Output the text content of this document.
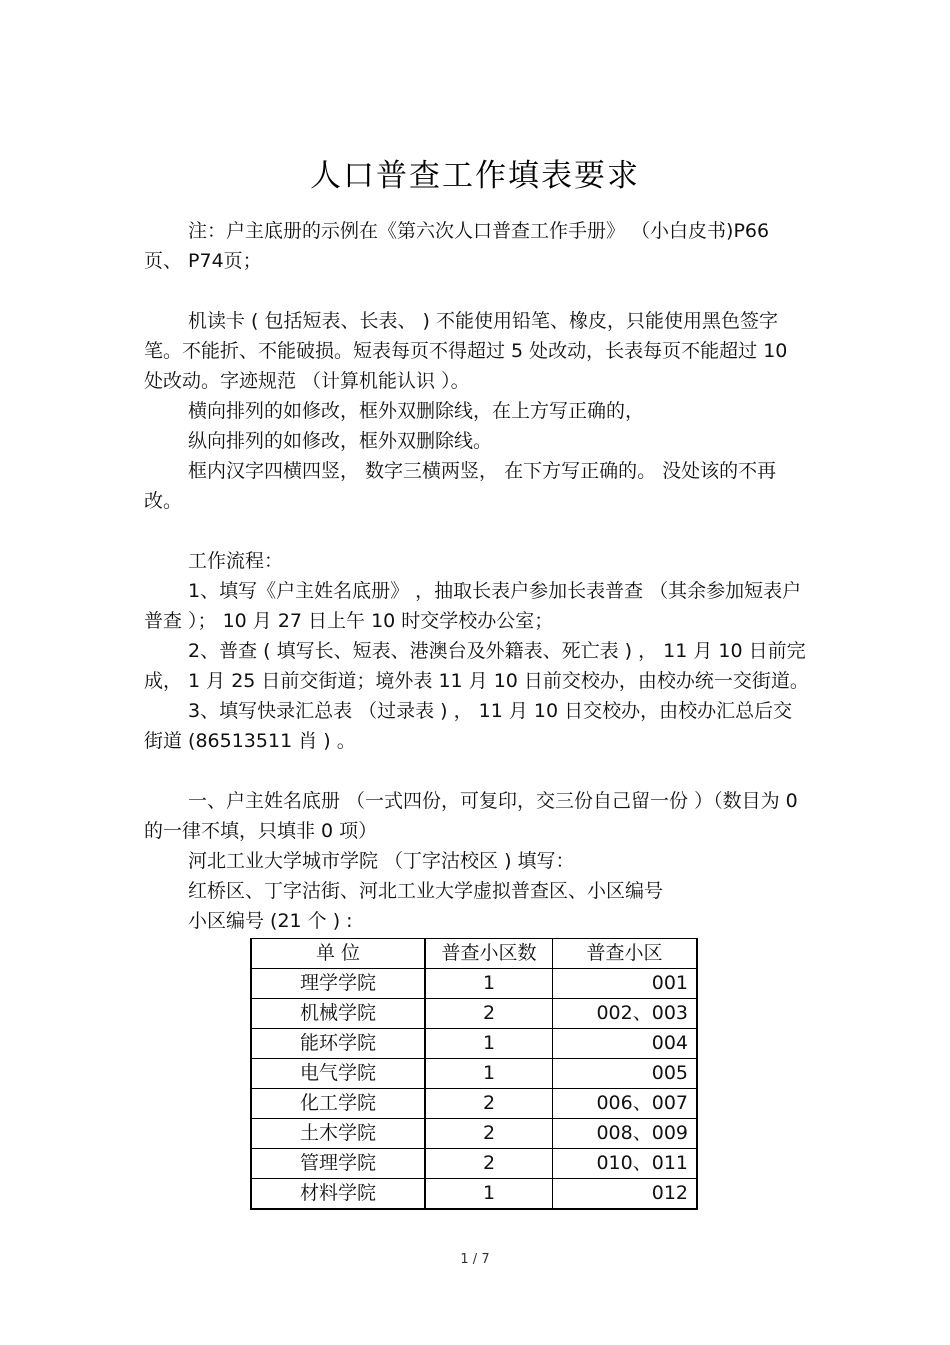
人口普查工作填表要求

注：户主底册的示例在《第六次人口普查工作手册》 （小白皮书)P66 页、 P74页；

机读卡 ( 包括短表、长表、 ) 不能使用铅笔、橡皮，只能使用黑色签字笔。不能折、不能破损。短表每页不得超过 5 处改动，长表每页不能超过 10 处改动。字迹规范 （计算机能认识 ）。

横向排列的如修改，框外双删除线，在上方写正确的，

纵向排列的如修改，框外双删除线。

框内汉字四横四竖， 数字三横两竖， 在下方写正确的。 没处该的不再改。

工作流程：

1、填写《户主姓名底册》 ，抽取长表户参加长表普查 （其余参加短表户普查 ）； 10 月 27 日上午 10 时交学校办公室；

2、普查 ( 填写长、短表、港澳台及外籍表、死亡表 ) ， 11 月 10 日前完成， 1 月 25 日前交街道；境外表 11 月 10 日前交校办，由校办统一交街道。

3、填写快录汇总表 （过录表 ) ， 11 月 10 日交校办，由校办汇总后交街道 (86513511 肖 ) 。

一、户主姓名底册 （一式四份，可复印，交三份自己留一份 ）（数目为 0 的一律不填，只填非 0 项）

河北工业大学城市学院 （丁字沽校区 ) 填写：

红桥区、丁字沽街、河北工业大学虚拟普查区、小区编号

小区编号 (21 个 ) :

单 位	普查小区数	普查小区
理学学院	1	001
机械学院	2	002、003
能环学院	1	004
电气学院	1	005
化工学院	2	006、007
土木学院	2	008、009
管理学院	2	010、011
材料学院	1	012
1 / 7
